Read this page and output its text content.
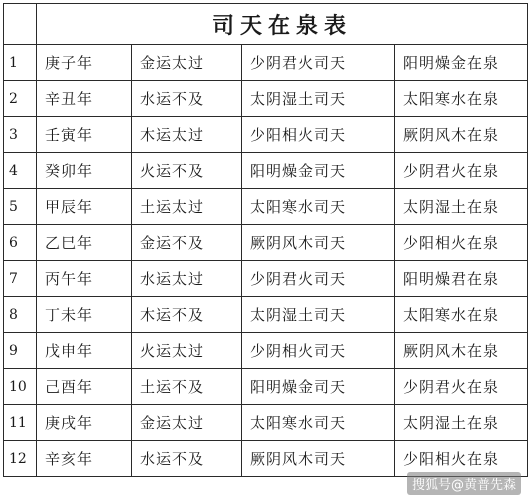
	司天在泉表			
1	庚子年	金运太过	少阴君火司天	阳明燥金在泉
2	辛丑年	水运不及	太阴湿土司天	太阳寒水在泉
3	壬寅年	木运太过	少阳相火司天	厥阴风木在泉
4	癸卯年	火运不及	阳明燥金司天	少阴君火在泉
5	甲辰年	土运太过	太阳寒水司天	太阴湿土在泉
6	乙巳年	金运不及	厥阴风木司天	少阳相火在泉
7	丙午年	水运太过	少阴君火司天	阳明燥君在泉
8	丁未年	木运不及	太阴湿土司天	太阳寒水在泉
9	戊申年	火运太过	少阴相火司天	厥阴风木在泉
10	己酉年	土运不及	阳明燥金司天	少阴君火在泉
11	庚戌年	金运太过	太阳寒水司天	太阴湿土在泉
12	辛亥年	水运不及	厥阴风木司天	少阳相火在泉
搜狐号@黄普先森
